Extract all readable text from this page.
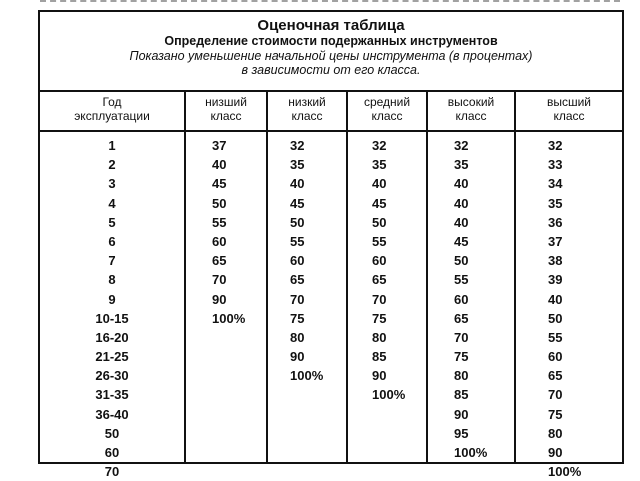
Оценочная таблица
Определение стоимости подержанных инструментов
Показано уменьшение начальной цены инструмента (в процентах)
в зависимости от его класса.
Год
эксплуатации
1
2
3
4
5
6
7
8
9
10-15
16-20
21-25
26-30
31-35
36-40
50
60
70
низший
класс
37
40
45
50
55
60
65
70
90
100%
низкий
класс
32
35
40
45
50
55
60
65
70
75
80
90
100%
средний
класс
32
35
40
45
50
55
60
65
70
75
80
85
90
100%
высокий
класс
32
35
40
40
40
45
50
55
60
65
70
75
80
85
90
95
100%
высший
класс
32
33
34
35
36
37
38
39
40
50
55
60
65
70
75
80
90
100%
